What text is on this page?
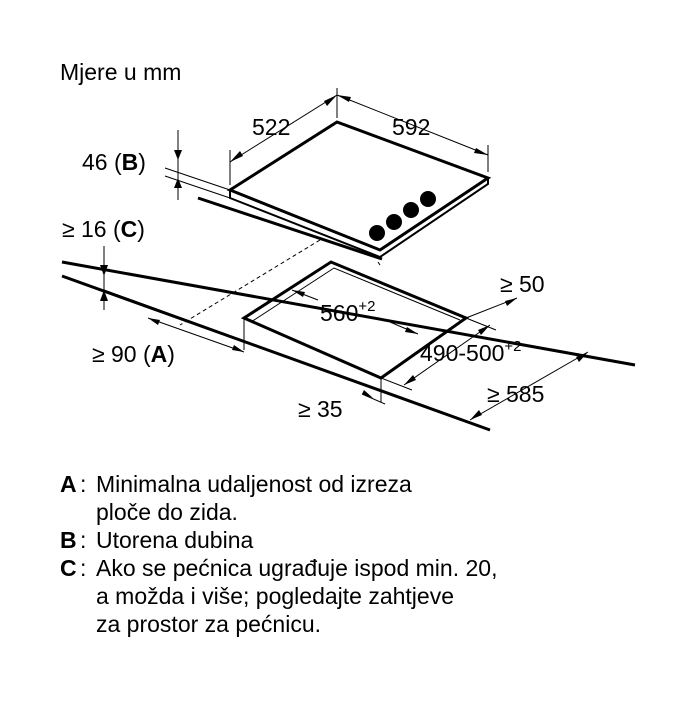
Mjere u mm
522	592
46 (B)
≥ 16 (C)
≥ 50
$560^{+2}$
$490-500^{+2}$
≥ 90 (A)
≥ 35
≥ 585
A : Minimalna udaljenost od izreza
ploče do zida.
B : Utorena dubina
C : Ako se pećnica ugrađuje ispod min. 20,
a možda i više; pogledajte zahtjeve
za prostor za pećnicu.
